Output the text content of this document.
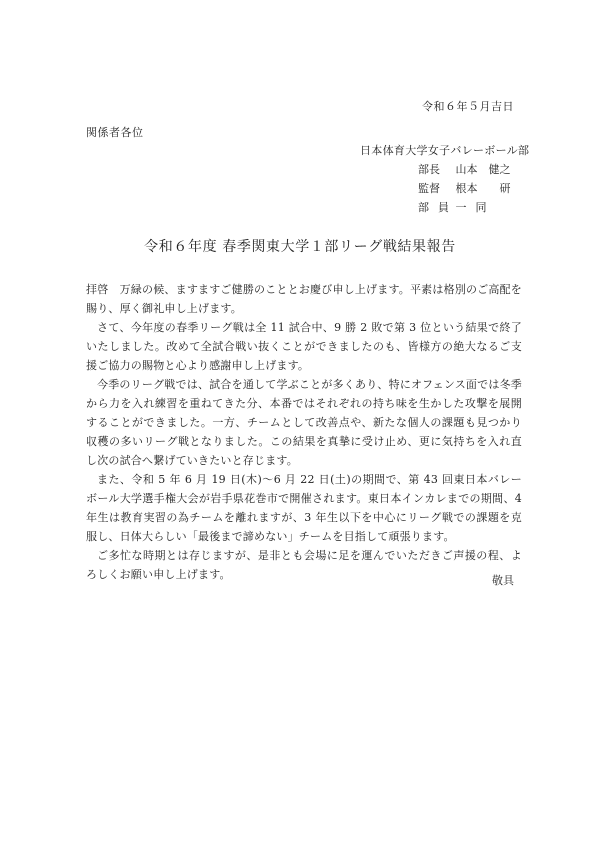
令和６年５月吉日
関係者各位
日本体育大学女子バレーボール部
部長 山本　健之
監督 根本　　研
部員 一同
令和６年度 春季関東大学１部リーグ戦結果報告

拝啓　万緑の候、ますますご健勝のこととお慶び申し上げます。平素は格別のご高配を賜り、厚く御礼申し上げます。

さて、今年度の春季リーグ戦は全 11 試合中、9 勝 2 敗で第 3 位という結果で終了いたしました。改めて全試合戦い抜くことができましたのも、皆様方の絶大なるご支援ご協力の賜物と心より感謝申し上げます。

今季のリーグ戦では、試合を通して学ぶことが多くあり、特にオフェンス面では冬季から力を入れ練習を重ねてきた分、本番ではそれぞれの持ち味を生かした攻撃を展開することができました。一方、チームとして改善点や、新たな個人の課題も見つかり収穫の多いリーグ戦となりました。この結果を真摯に受け止め、更に気持ちを入れ直し次の試合へ繋げていきたいと存じます。

また、令和 5 年 6 月 19 日(木)～6 月 22 日(土)の期間で、第 43 回東日本バレーボール大学選手権大会が岩手県花巻市で開催されます。東日本インカレまでの期間、4 年生は教育実習の為チームを離れますが、3 年生以下を中心にリーグ戦での課題を克服し、日体大らしい「最後まで諦めない」チームを目指して頑張ります。

ご多忙な時期とは存じますが、是非とも会場に足を運んでいただきご声援の程、よろしくお願い申し上げます。	敬具
